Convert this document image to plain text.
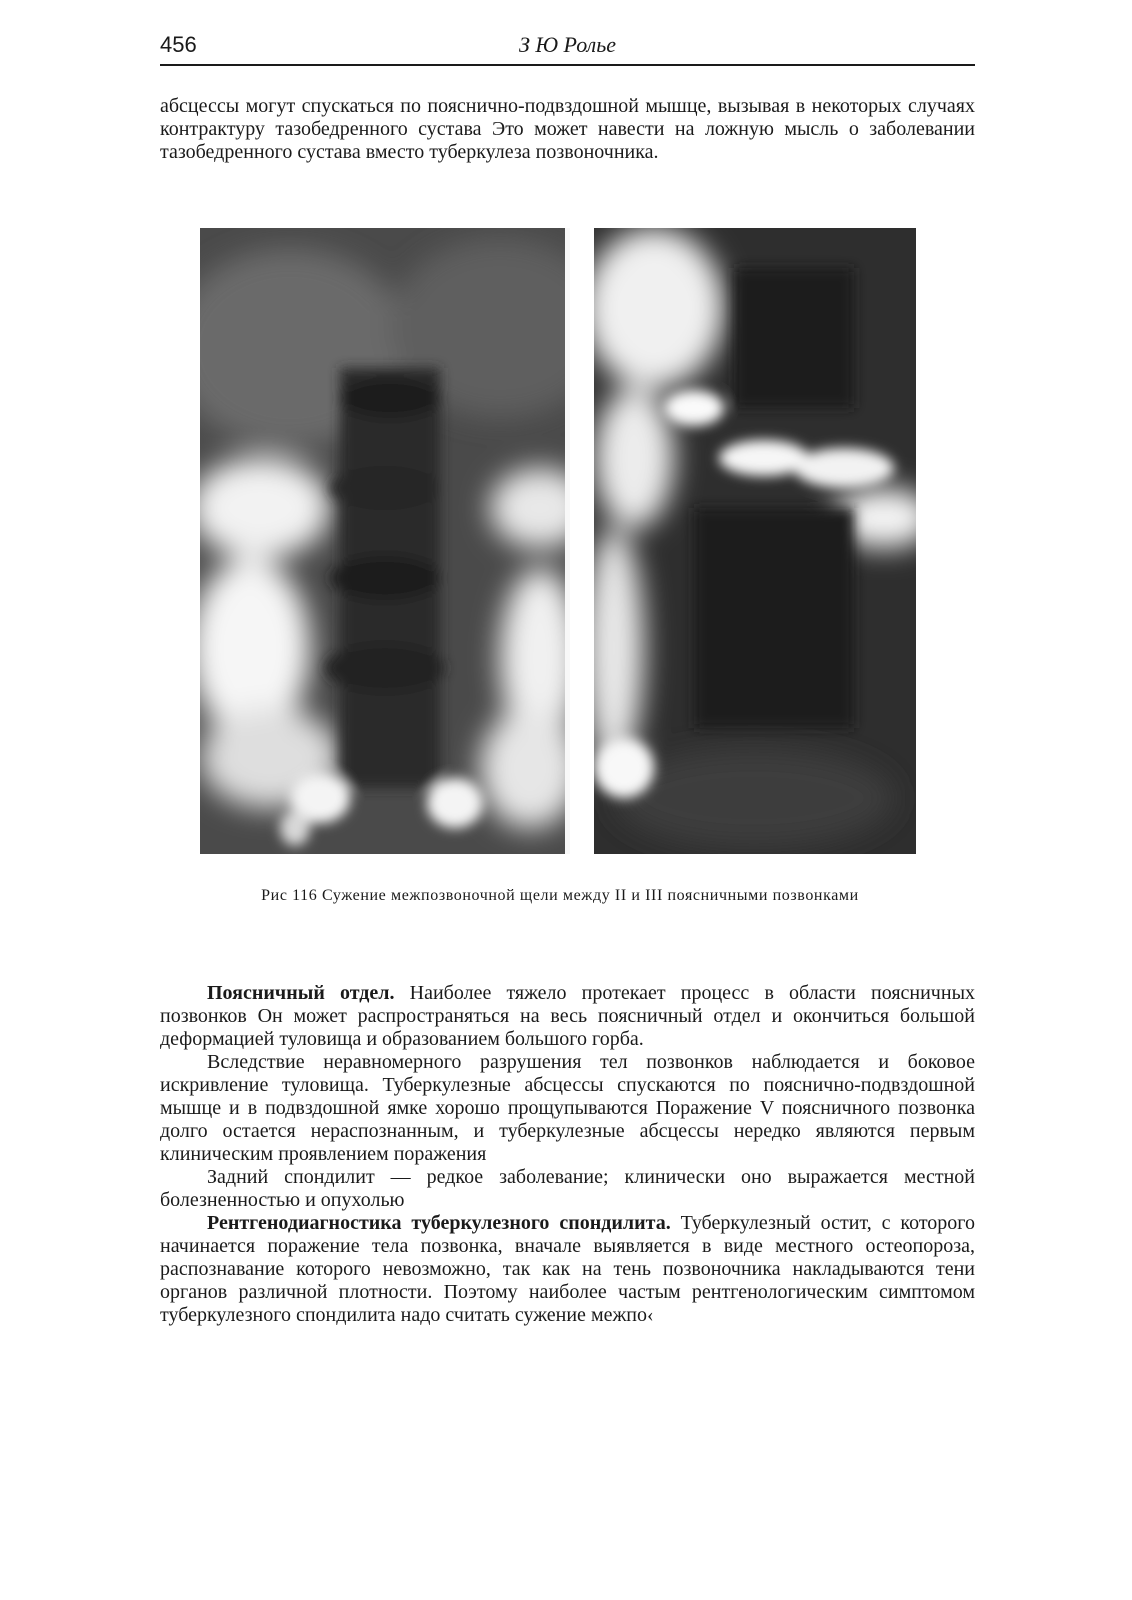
456	З Ю Ролье

абсцессы могут спускаться по пояснично-подвздошной мышце, вызывая в некоторых случаях контрактуру тазобедренного сустава Это может навести на ложную мысль о заболевании тазобедренного сустава вместо туберкулеза позвоночника.

Рис 116 Сужение межпозвоночной щели между II и III поясничными позвонками

Поясничный отдел. Наиболее тяжело протекает процесс в области поясничных позвонков Он может распространяться на весь поясничный отдел и окончиться большой деформацией туловища и образованием большого горба.

Вследствие неравномерного разрушения тел позвонков наблюдается и боковое искривление туловища. Туберкулезные абсцессы спускаются по пояснично-подвздошной мышце и в подвздошной ямке хорошо прощупываются Поражение V поясничного позвонка долго остается нераспознанным, и туберкулезные абсцессы нередко являются первым клиническим проявлением поражения

Задний спондилит — редкое заболевание; клинически оно выражается местной болезненностью и опухолью

Рентгенодиагностика туберкулезного спондилита. Туберкулезный остит, с которого начинается поражение тела позвонка, вначале выявляется в виде местного остеопороза, распознавание которого невозможно, так как на тень позвоночника накладываются тени органов различной плотности. Поэтому наиболее частым рентгенологическим симптомом туберкулезного спондилита надо считать сужение межпо‹
